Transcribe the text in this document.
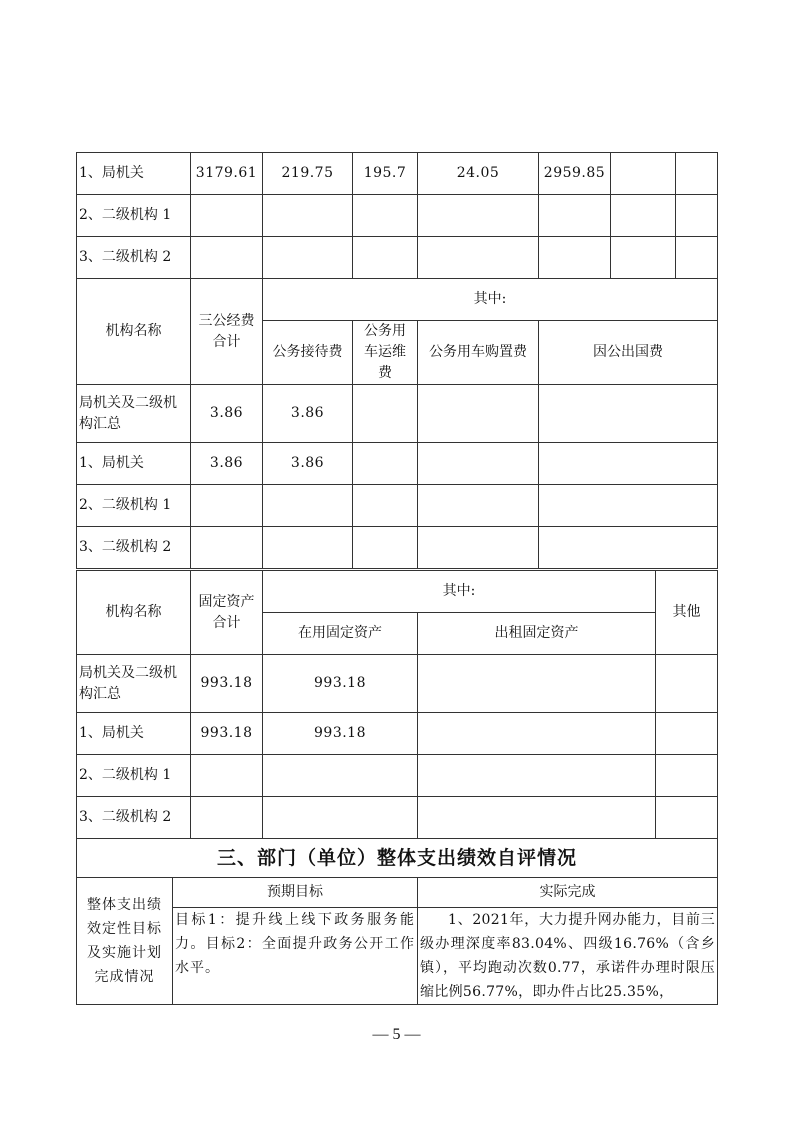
1、局机关	3179.61	219.75	195.7	24.05	2959.85		
2、二级机构 1							
3、二级机构 2							
机构名称	三公经费合计	其中:			
		公务接待费	公务用车运维费	公务用车购置费	因公出国费
局机关及二级机构汇总	3.86	3.86			
1、局机关	3.86	3.86			
2、二级机构 1					
3、二级机构 2					
机构名称	固定资产合计	其中:		其他
		在用固定资产	出租固定资产	
局机关及二级机构汇总	993.18	993.18		
1、局机关	993.18	993.18		
2、二级机构 1				
3、二级机构 2				
三、部门（单位）整体支出绩效自评情况		
整体支出绩效定性目标及实施计划完成情况	预期目标	实际完成
	目标1：提升线上线下政务服务能力。目标2：全面提升政务公开工作水平。	1、2021年，大力提升网办能力，目前三级办理深度率83.04%、四级16.76%（含乡镇），平均跑动次数0.77，承诺件办理时限压缩比例56.77%，即办件占比25.35%，
— 5 —
